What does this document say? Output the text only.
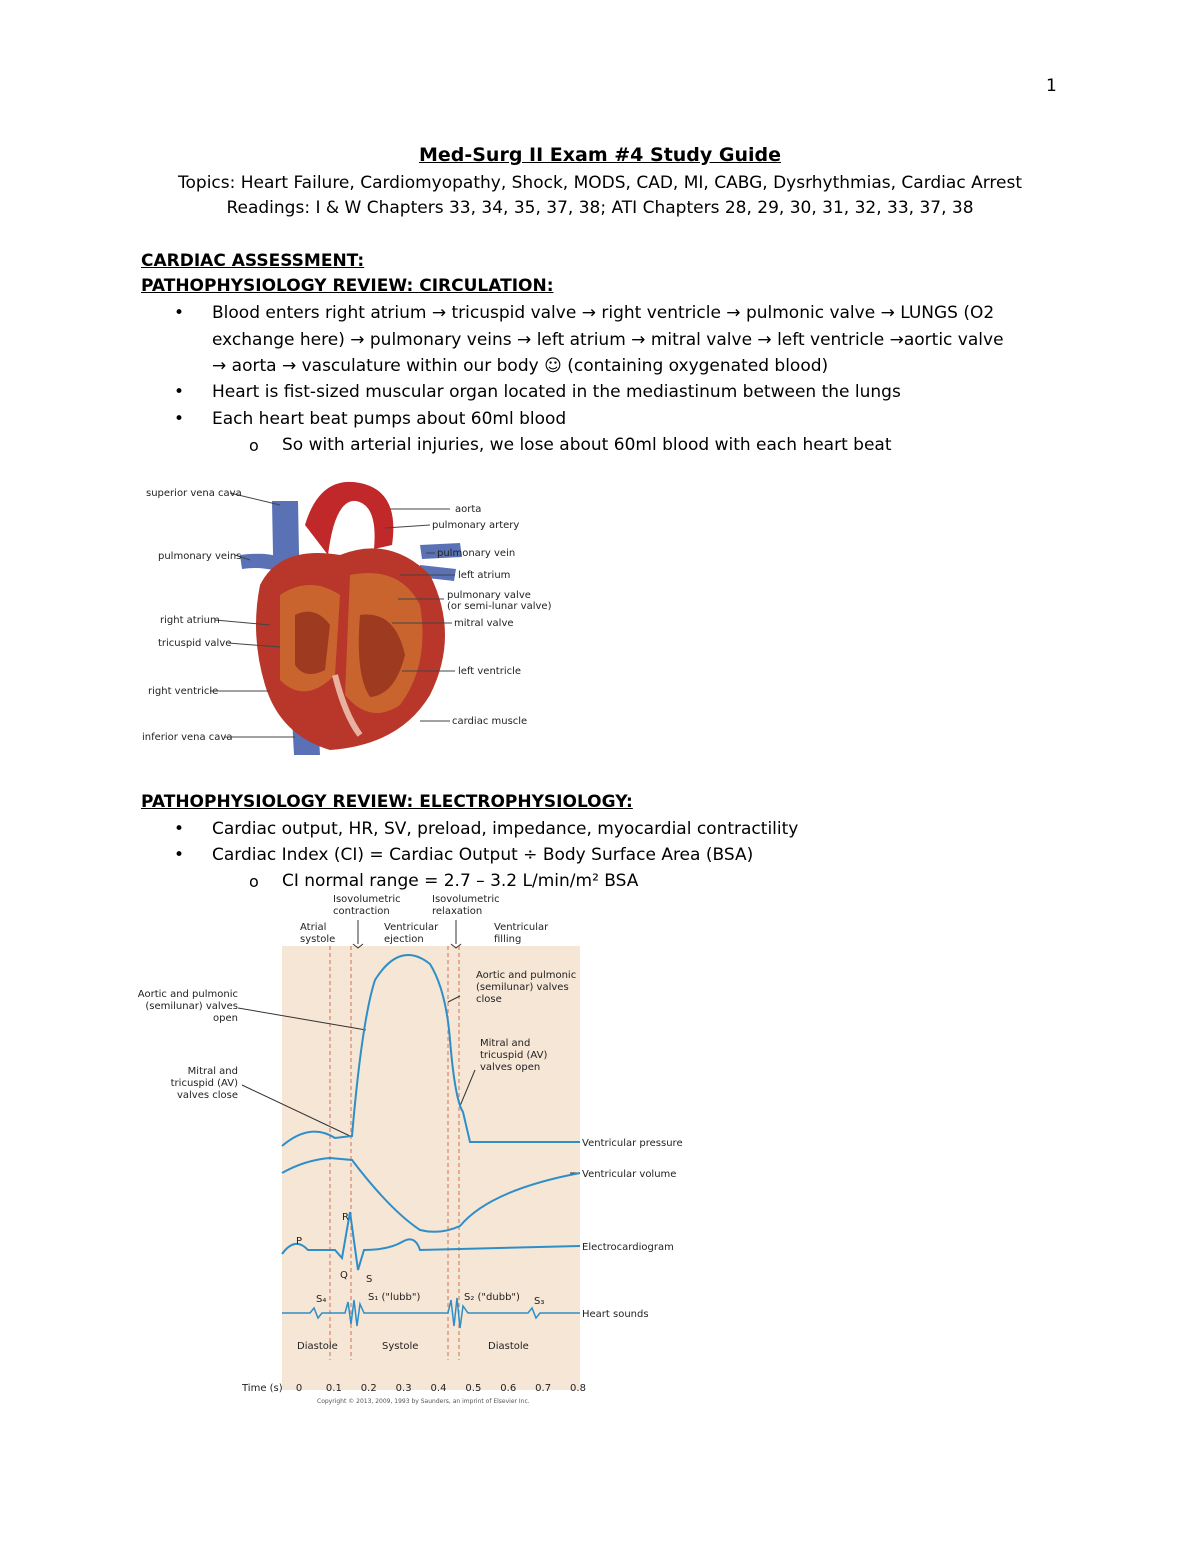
1
Med-Surg II Exam #4 Study Guide
Topics: Heart Failure, Cardiomyopathy, Shock, MODS, CAD, MI, CABG, Dysrhythmias, Cardiac Arrest
Readings: I & W Chapters 33, 34, 35, 37, 38; ATI Chapters 28, 29, 30, 31, 32, 33, 37, 38
CARDIAC ASSESSMENT:
PATHOPHYSIOLOGY REVIEW: CIRCULATION:
• Blood enters right atrium → tricuspid valve → right ventricle → pulmonic valve → LUNGS (O2
exchange here) → pulmonary veins → left atrium → mitral valve → left ventricle →aortic valve
→ aorta → vasculature within our body ☺ (containing oxygenated blood)
• Heart is fist-sized muscular organ located in the mediastinum between the lungs
• Each heart beat pumps about 60ml blood
o So with arterial injuries, we lose about 60ml blood with each heart beat
superior vena cava
pulmonary veins
right atrium
tricuspid valve
right ventricle
inferior vena cava
aorta
pulmonary artery
pulmonary vein
left atrium
pulmonary valve
(or semi-lunar valve)
mitral valve
left ventricle
cardiac muscle
PATHOPHYSIOLOGY REVIEW: ELECTROPHYSIOLOGY:
• Cardiac output, HR, SV, preload, impedance, myocardial contractility
• Cardiac Index (CI) = Cardiac Output ÷ Body Surface Area (BSA)
o CI normal range = 2.7 – 3.2 L/min/m² BSA
Isovolumetric
contraction
Isovolumetric
relaxation
Atrial
systole
Ventricular
ejection
Ventricular
filling
Aortic and pulmonic
(semilunar) valves
open
Mitral and
tricuspid (AV)
valves close
Aortic and pulmonic
(semilunar) valves
close
Mitral and
tricuspid (AV)
valves open
Ventricular pressure
Ventricular volume
Electrocardiogram
Heart sounds
P
Q
R
S
S₄	S₁ ("lubb")	S₂ ("dubb") S₃
Diastole	Systole	Diastole
Time (s) 0 0.1 0.2 0.3 0.4 0.5 0.6 0.7 0.8
Copyright © 2013, 2009, 1993 by Saunders, an imprint of Elsevier Inc.
